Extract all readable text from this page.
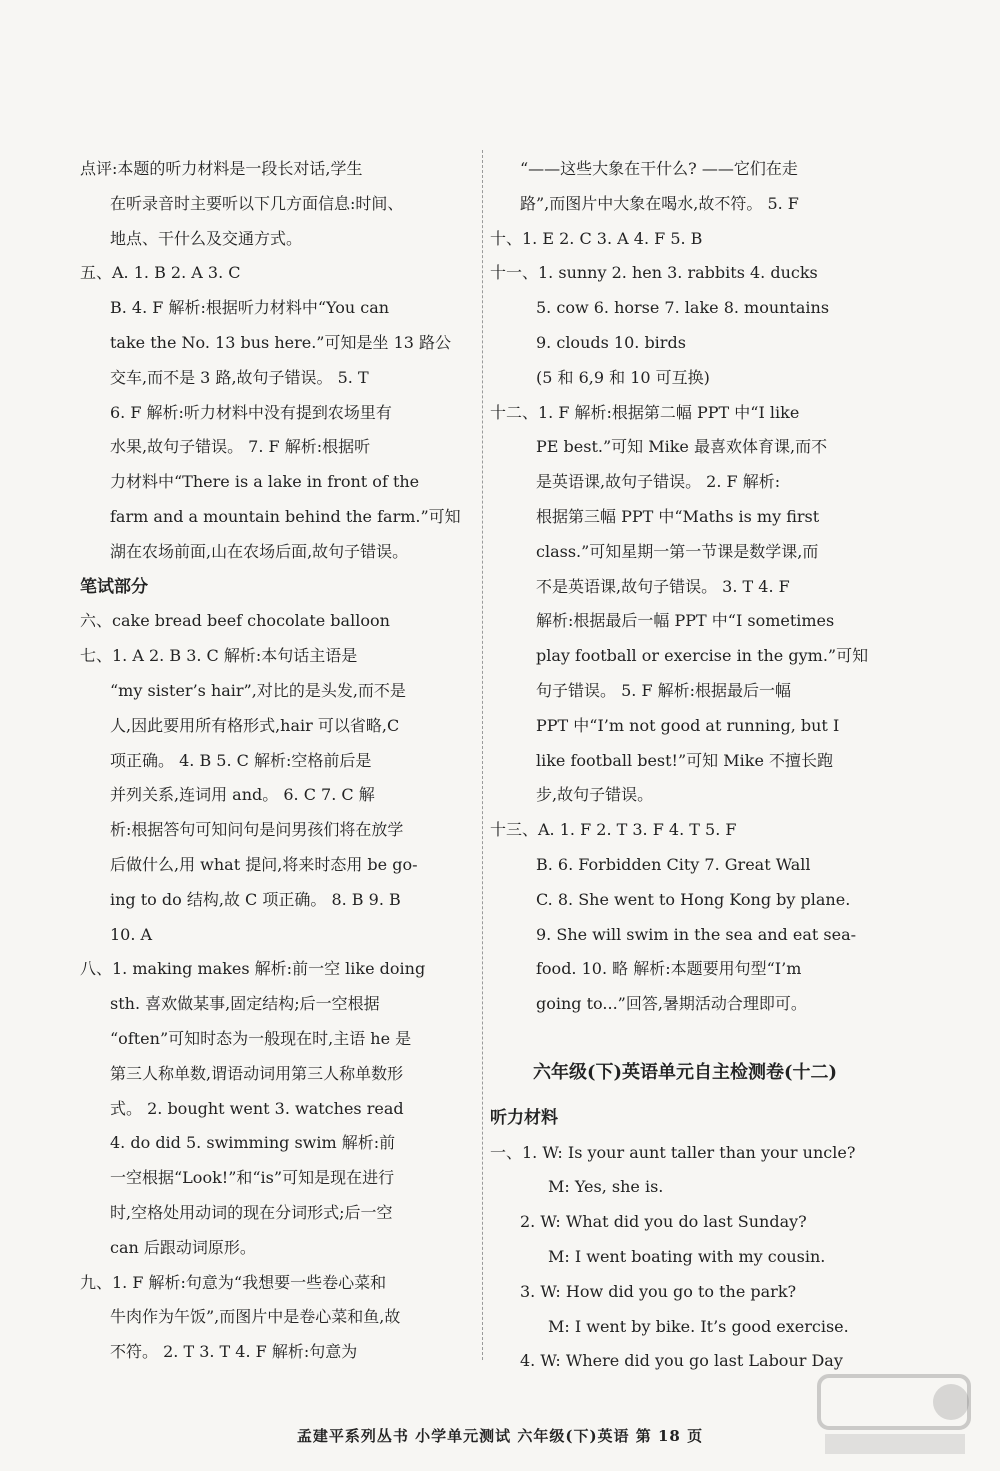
点评:本题的听力材料是一段长对话,学生
在听录音时主要听以下几方面信息:时间、
地点、干什么及交通方式。
五、A. 1. B 2. A 3. C
B. 4. F 解析:根据听力材料中“You can
take the No. 13 bus here.”可知是坐 13 路公
交车,而不是 3 路,故句子错误。 5. T
6. F 解析:听力材料中没有提到农场里有
水果,故句子错误。 7. F 解析:根据听
力材料中“There is a lake in front of the
farm and a mountain behind the farm.”可知
湖在农场前面,山在农场后面,故句子错误。
笔试部分
六、cake bread beef chocolate balloon
七、1. A 2. B 3. C 解析:本句话主语是
“my sister’s hair”,对比的是头发,而不是
人,因此要用所有格形式,hair 可以省略,C
项正确。 4. B 5. C 解析:空格前后是
并列关系,连词用 and。 6. C 7. C 解
析:根据答句可知问句是问男孩们将在放学
后做什么,用 what 提问,将来时态用 be go-
ing to do 结构,故 C 项正确。 8. B 9. B
10. A
八、1. making makes 解析:前一空 like doing
sth. 喜欢做某事,固定结构;后一空根据
“often”可知时态为一般现在时,主语 he 是
第三人称单数,谓语动词用第三人称单数形
式。 2. bought went 3. watches read
4. do did 5. swimming swim 解析:前
一空根据“Look!”和“is”可知是现在进行
时,空格处用动词的现在分词形式;后一空
can 后跟动词原形。
九、1. F 解析:句意为“我想要一些卷心菜和
牛肉作为午饭”,而图片中是卷心菜和鱼,故
不符。 2. T 3. T 4. F 解析:句意为
“——这些大象在干什么? ——它们在走
路”,而图片中大象在喝水,故不符。 5. F
十、1. E 2. C 3. A 4. F 5. B
十一、1. sunny 2. hen 3. rabbits 4. ducks
5. cow 6. horse 7. lake 8. mountains
9. clouds 10. birds
(5 和 6,9 和 10 可互换)
十二、1. F 解析:根据第二幅 PPT 中“I like
PE best.”可知 Mike 最喜欢体育课,而不
是英语课,故句子错误。 2. F 解析:
根据第三幅 PPT 中“Maths is my first
class.”可知星期一第一节课是数学课,而
不是英语课,故句子错误。 3. T 4. F
解析:根据最后一幅 PPT 中“I sometimes
play football or exercise in the gym.”可知
句子错误。 5. F 解析:根据最后一幅
PPT 中“I’m not good at running, but I
like football best!”可知 Mike 不擅长跑
步,故句子错误。
十三、A. 1. F 2. T 3. F 4. T 5. F
B. 6. Forbidden City 7. Great Wall
C. 8. She went to Hong Kong by plane.
9. She will swim in the sea and eat sea-
food. 10. 略 解析:本题要用句型“I’m
going to...”回答,暑期活动合理即可。
六年级(下)英语单元自主检测卷(十二)
听力材料
一、1. W: Is your aunt taller than your uncle?
M: Yes, she is.
2. W: What did you do last Sunday?
M: I went boating with my cousin.
3. W: How did you go to the park?
M: I went by bike. It’s good exercise.
4. W: Where did you go last Labour Day
孟建平系列丛书 小学单元测试 六年级(下)英语 第 18 页
